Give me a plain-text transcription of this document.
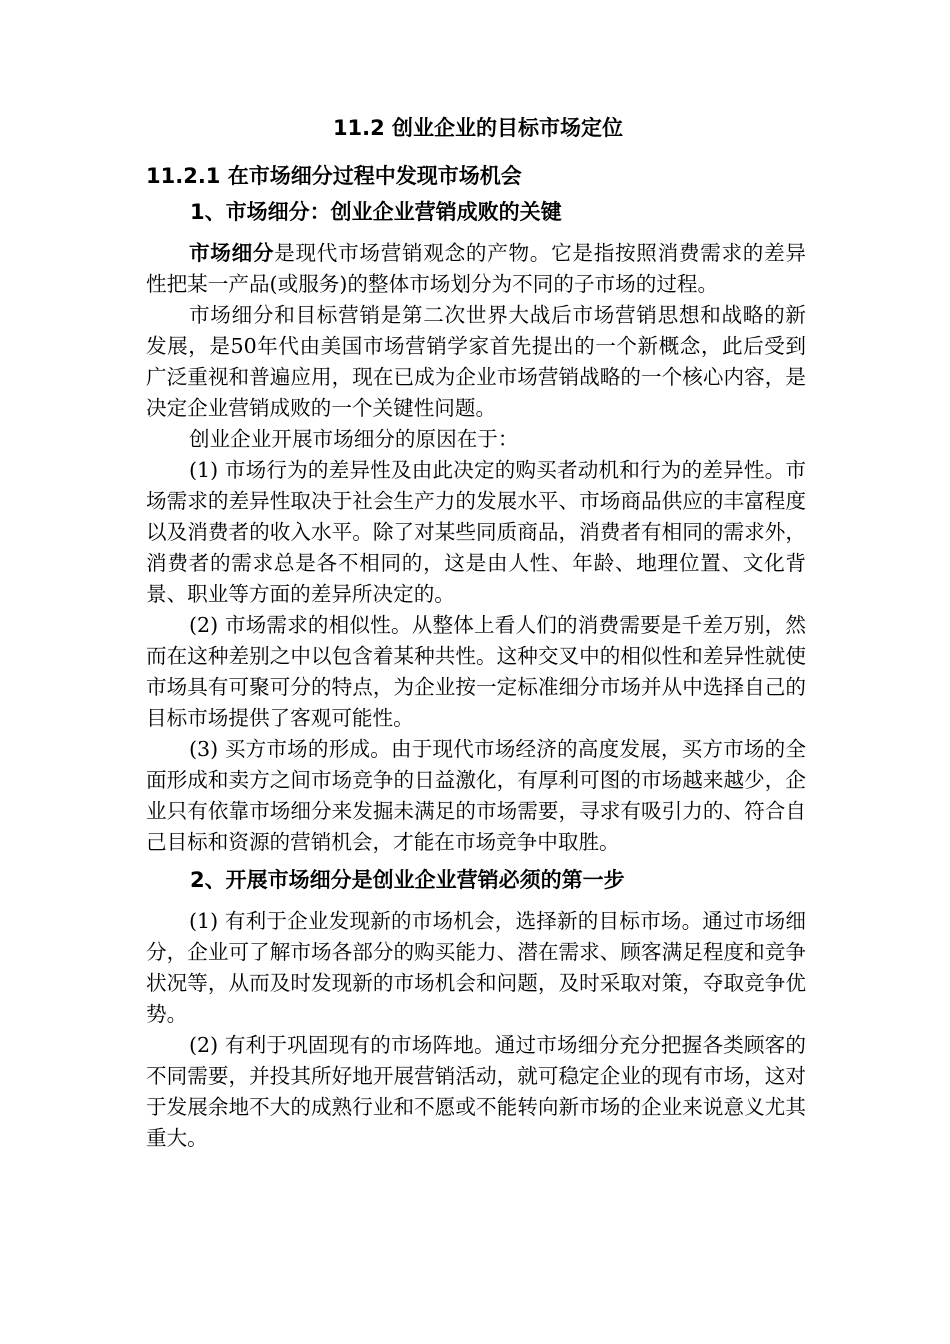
11.2 创业企业的目标市场定位
11.2.1 在市场细分过程中发现市场机会
1、市场细分：创业企业营销成败的关键

市场细分是现代市场营销观念的产物。它是指按照消费需求的差异性把某一产品(或服务)的整体市场划分为不同的子市场的过程。

市场细分和目标营销是第二次世界大战后市场营销思想和战略的新发展，是50年代由美国市场营销学家首先提出的一个新概念，此后受到广泛重视和普遍应用，现在已成为企业市场营销战略的一个核心内容，是决定企业营销成败的一个关键性问题。

创业企业开展市场细分的原因在于：

(1) 市场行为的差异性及由此决定的购买者动机和行为的差异性。市场需求的差异性取决于社会生产力的发展水平、市场商品供应的丰富程度以及消费者的收入水平。除了对某些同质商品，消费者有相同的需求外，消费者的需求总是各不相同的，这是由人性、年龄、地理位置、文化背景、职业等方面的差异所决定的。

(2) 市场需求的相似性。从整体上看人们的消费需要是千差万别，然而在这种差别之中以包含着某种共性。这种交叉中的相似性和差异性就使市场具有可聚可分的特点，为企业按一定标准细分市场并从中选择自己的目标市场提供了客观可能性。

(3) 买方市场的形成。由于现代市场经济的高度发展，买方市场的全面形成和卖方之间市场竞争的日益激化，有厚利可图的市场越来越少，企业只有依靠市场细分来发掘未满足的市场需要，寻求有吸引力的、符合自己目标和资源的营销机会，才能在市场竞争中取胜。

2、开展市场细分是创业企业营销必须的第一步

(1) 有利于企业发现新的市场机会，选择新的目标市场。通过市场细分，企业可了解市场各部分的购买能力、潜在需求、顾客满足程度和竞争状况等，从而及时发现新的市场机会和问题，及时采取对策，夺取竞争优势。

(2) 有利于巩固现有的市场阵地。通过市场细分充分把握各类顾客的不同需要，并投其所好地开展营销活动，就可稳定企业的现有市场，这对于发展余地不大的成熟行业和不愿或不能转向新市场的企业来说意义尤其重大。
